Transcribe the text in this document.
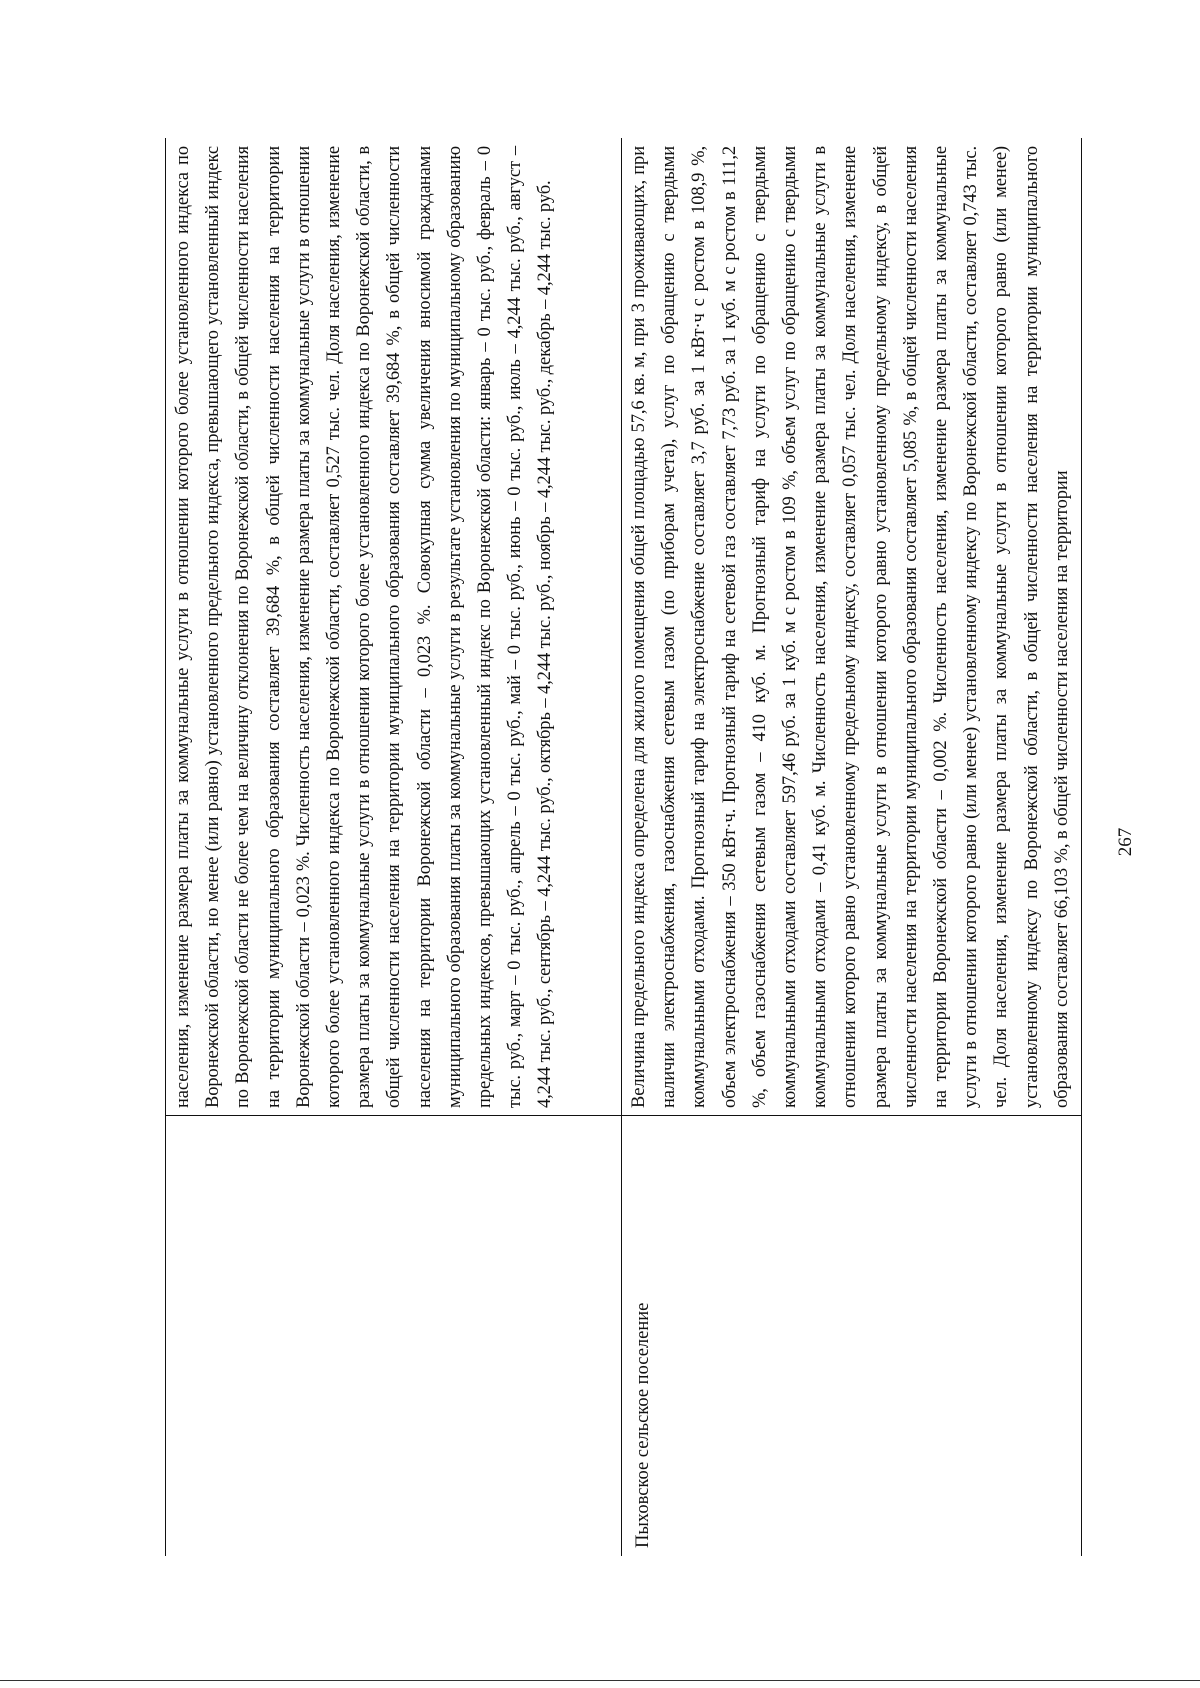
267
населения, изменение размера платы за коммунальные услуги в отношении которого более установленного индекса по Воронежской области, но менее (или равно) установленного предельного индекса, превышающего установленный индекс по Воронежской области не более чем на величину отклонения по Воронежской области, в общей численности населения на территории муниципального образования составляет 39,684 %, в общей численности населения на территории Воронежской области – 0,023 %. Численность населения, изменение размера платы за коммунальные услуги в отношении которого более установленного индекса по Воронежской области, составляет 0,527 тыс. чел. Доля населения, изменение размера платы за коммунальные услуги в отношении которого более установленного индекса по Воронежской области, в общей численности населения на территории муниципального образования составляет 39,684 %, в общей численности населения на территории Воронежской области – 0,023 %. Совокупная сумма увеличения вносимой гражданами муниципального образования платы за коммунальные услуги в результате установления по муниципальному образованию предельных индексов, превышающих установленный индекс по Воронежской области: январь – 0 тыс. руб., февраль – 0 тыс. руб., март – 0 тыс. руб., апрель – 0 тыс. руб., май – 0 тыс. руб., июнь – 0 тыс. руб., июль – 4,244 тыс. руб., август – 4,244 тыс. руб., сентябрь – 4,244 тыс. руб., октябрь – 4,244 тыс. руб., ноябрь – 4,244 тыс. руб., декабрь – 4,244 тыс. руб.
Пыховское сельское поселение
Величина предельного индекса определена для жилого помещения общей площадью 57,6 кв. м, при 3 проживающих, при наличии электроснабжения, газоснабжения сетевым газом (по приборам учета), услуг по обращению с твердыми коммунальными отходами. Прогнозный тариф на электроснабжение составляет 3,7 руб. за 1 кВт·ч с ростом в 108,9 %, объем электроснабжения – 350 кВт·ч. Прогнозный тариф на сетевой газ составляет 7,73 руб. за 1 куб. м с ростом в 111,2 %, объем газоснабжения сетевым газом – 410 куб. м. Прогнозный тариф на услуги по обращению с твердыми коммунальными отходами составляет 597,46 руб. за 1 куб. м с ростом в 109 %, объем услуг по обращению с твердыми коммунальными отходами – 0,41 куб. м. Численность населения, изменение размера платы за коммунальные услуги в отношении которого равно установленному предельному индексу, составляет 0,057 тыс. чел. Доля населения, изменение размера платы за коммунальные услуги в отношении которого равно установленному предельному индексу, в общей численности населения на территории муниципального образования составляет 5,085 %, в общей численности населения на территории Воронежской области – 0,002 %. Численность населения, изменение размера платы за коммунальные услуги в отношении которого равно (или менее) установленному индексу по Воронежской области, составляет 0,743 тыс. чел. Доля населения, изменение размера платы за коммунальные услуги в отношении которого равно (или менее) установленному индексу по Воронежской области, в общей численности населения на территории муниципального образования составляет 66,103 %, в общей численности населения на территории
